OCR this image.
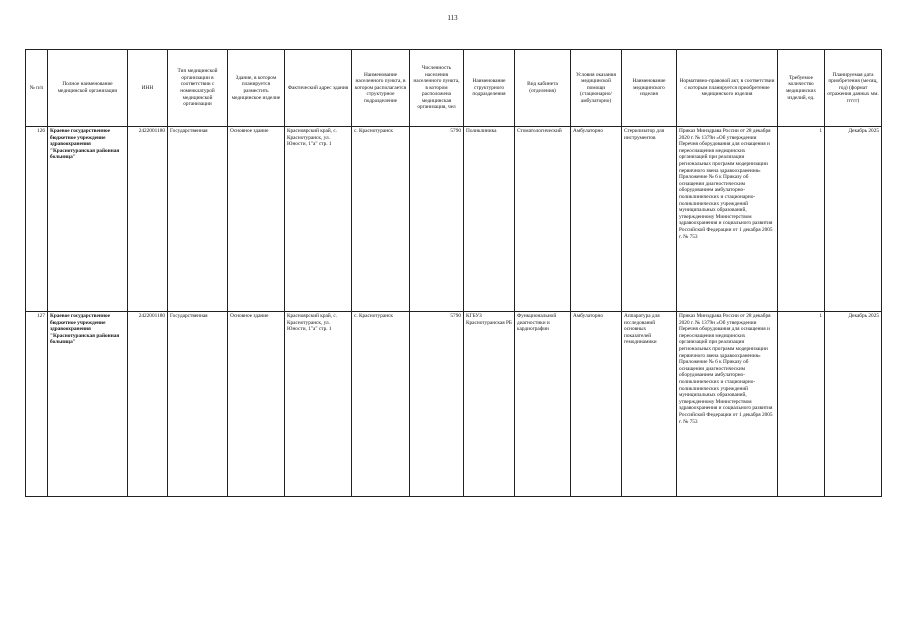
113
№ п/п	Полное наименование медицинской организации	ИНН	Тип медицинской организации в соответствии с номенклатурой медицинской организации	Здание, в котором планируется разместить медицинское изделие	Фактический адрес здания	Наименование населенного пункта, в котором располагается структурное подразделение	Численность населения населенного пункта, в котором расположена медицинская организация, чел	Наименование структурного подразделения	Вид кабинета (отделения)	Условия оказания медицинской помощи (стационарно/амбулаторно)	Наименование медицинского изделия	Нормативно-правовой акт, в соответствии с которым планируется приобретение медицинского изделия	Требуемое количество медицинских изделий, ед.	Планируемая дата приобретения (месяц, год) (формат отражения данных мм. ггггг)
126	Краевое государственное бюджетное учреждение здравоохранения "Краснотуранская районная больница"	2422001180	Государственная	Основное здание	Красноярский край, с. Краснотуранск, ул. Юности, 1"а" стр. 1	с. Краснотуранск	5790	Поликлиника	Стоматологический	Амбулаторно	Стерилизатор для инструментов	Приказ Минздрава России от 28 декабря 2020 г. № 1379н «Об утверждении Перечня оборудования для оснащения и переоснащения медицинских организаций при реализации региональных программ модернизации первичного звена здравоохранения» Приложение № 6 к Приказу об оснащении диагностическим оборудованием амбулаторно-поликлинических и стационарно-поликлинических учреждений муниципальных образований, утвержденному Министерством здравоохранения и социального развития Российской Федерации от 1 декабря 2005 г. № 753	1	Декабрь 2025
127	Краевое государственное бюджетное учреждение здравоохранения "Краснотуранская районная больница"	2422001180	Государственная	Основное здание	Красноярский край, с. Краснотуранск, ул. Юности, 1"а" стр. 1	с. Краснотуранск	5790	КГБУЗ Краснотуранская РБ	Функциональной диагностики и кардиографии	Амбулаторно	Аппаратура для исследований основных показателей гемодинамики	Приказ Минздрава России от 28 декабря 2020 г. № 1379н «Об утверждении Перечня оборудования для оснащения и переоснащения медицинских организаций при реализации региональных программ модернизации первичного звена здравоохранения» Приложение № 6 к Приказу об оснащении диагностическим оборудованием амбулаторно-поликлинических и стационарно-поликлинических учреждений муниципальных образований, утвержденному Министерством здравоохранения и социального развития Российской Федерации от 1 декабря 2005 г. № 753	1	Декабрь 2025
